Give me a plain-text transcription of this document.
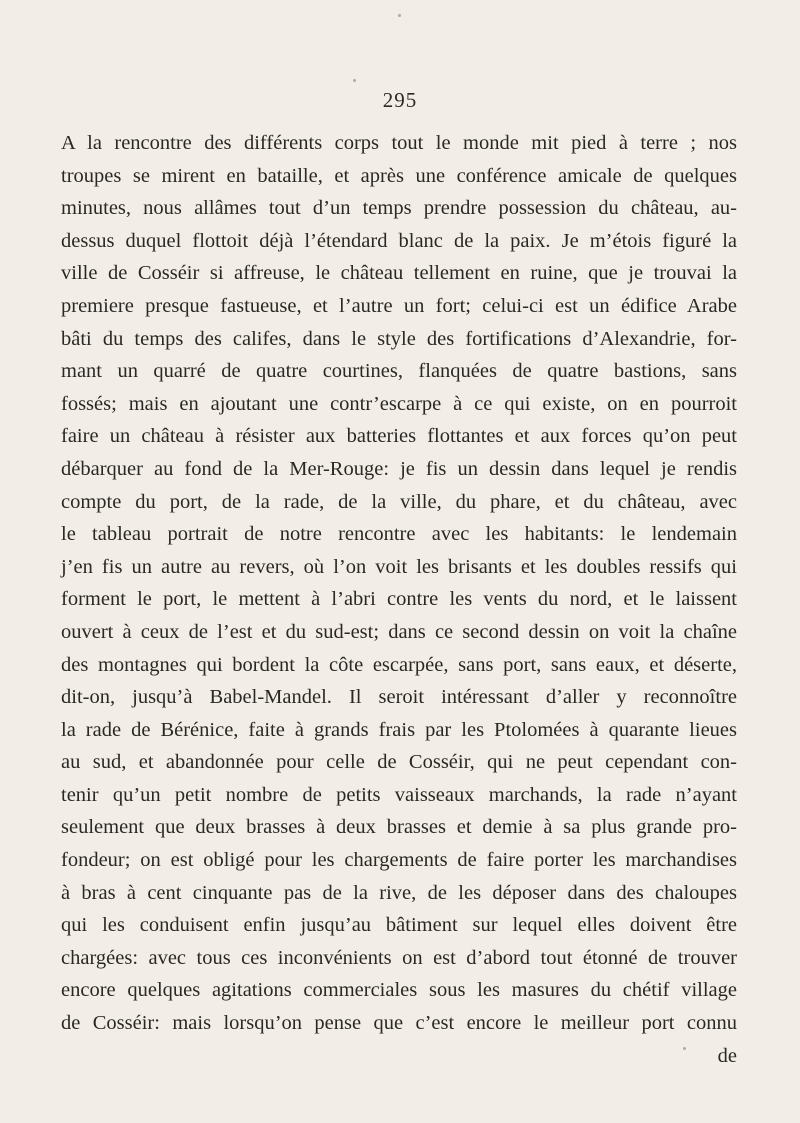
295
A la rencontre des différents corps tout le monde mit pied à terre ; nos
troupes se mirent en bataille, et après une conférence amicale de quelques
minutes, nous allâmes tout d’un temps prendre possession du château, au-
dessus duquel flottoit déjà l’étendard blanc de la paix. Je m’étois figuré la
ville de Cosséir si affreuse, le château tellement en ruine, que je trouvai la
premiere presque fastueuse, et l’autre un fort; celui-ci est un édifice Arabe
bâti du temps des califes, dans le style des fortifications d’Alexandrie, for-
mant un quarré de quatre courtines, flanquées de quatre bastions, sans
fossés; mais en ajoutant une contr’escarpe à ce qui existe, on en pourroit
faire un château à résister aux batteries flottantes et aux forces qu’on peut
débarquer au fond de la Mer-Rouge: je fis un dessin dans lequel je rendis
compte du port, de la rade, de la ville, du phare, et du château, avec
le tableau portrait de notre rencontre avec les habitants: le lendemain
j’en fis un autre au revers, où l’on voit les brisants et les doubles ressifs qui
forment le port, le mettent à l’abri contre les vents du nord, et le laissent
ouvert à ceux de l’est et du sud-est; dans ce second dessin on voit la chaîne
des montagnes qui bordent la côte escarpée, sans port, sans eaux, et déserte,
dit-on, jusqu’à Babel-Mandel. Il seroit intéressant d’aller y reconnoître
la rade de Bérénice, faite à grands frais par les Ptolomées à quarante lieues
au sud, et abandonnée pour celle de Cosséir, qui ne peut cependant con-
tenir qu’un petit nombre de petits vaisseaux marchands, la rade n’ayant
seulement que deux brasses à deux brasses et demie à sa plus grande pro-
fondeur; on est obligé pour les chargements de faire porter les marchandises
à bras à cent cinquante pas de la rive, de les déposer dans des chaloupes
qui les conduisent enfin jusqu’au bâtiment sur lequel elles doivent être
chargées: avec tous ces inconvénients on est d’abord tout étonné de trouver
encore quelques agitations commerciales sous les masures du chétif village
de Cosséir: mais lorsqu’on pense que c’est encore le meilleur port connu
de
